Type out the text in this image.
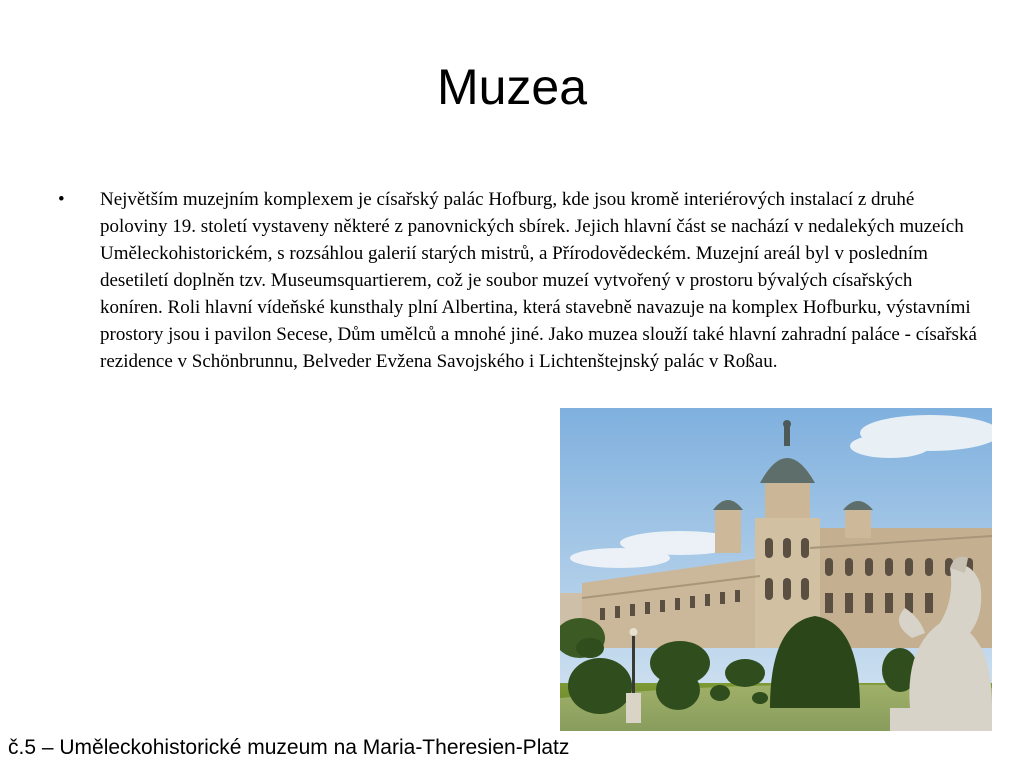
Muzea
•	Největším muzejním komplexem je císařský palác Hofburg, kde jsou kromě interiérových instalací z druhé poloviny 19. století vystaveny některé z panovnických sbírek. Jejich hlavní část se nachází v nedalekých muzeích Uměleckohistorickém, s rozsáhlou galerií starých mistrů, a Přírodovědeckém. Muzejní areál byl v posledním desetiletí doplněn tzv. Museumsquartierem, což je soubor muzeí vytvořený v prostoru bývalých císařských koníren. Roli hlavní vídeňské kunsthaly plní Albertina, která stavebně navazuje na komplex Hofburku, výstavními prostory jsou i pavilon Secese, Dům umělců a mnohé jiné. Jako muzea slouží také hlavní zahradní paláce - císařská rezidence v Schönbrunnu, Belveder Evžena Savojského i Lichtenštejnský palác v Roßau.

č.5 – Uměleckohistorické muzeum na Maria-Theresien-Platz
